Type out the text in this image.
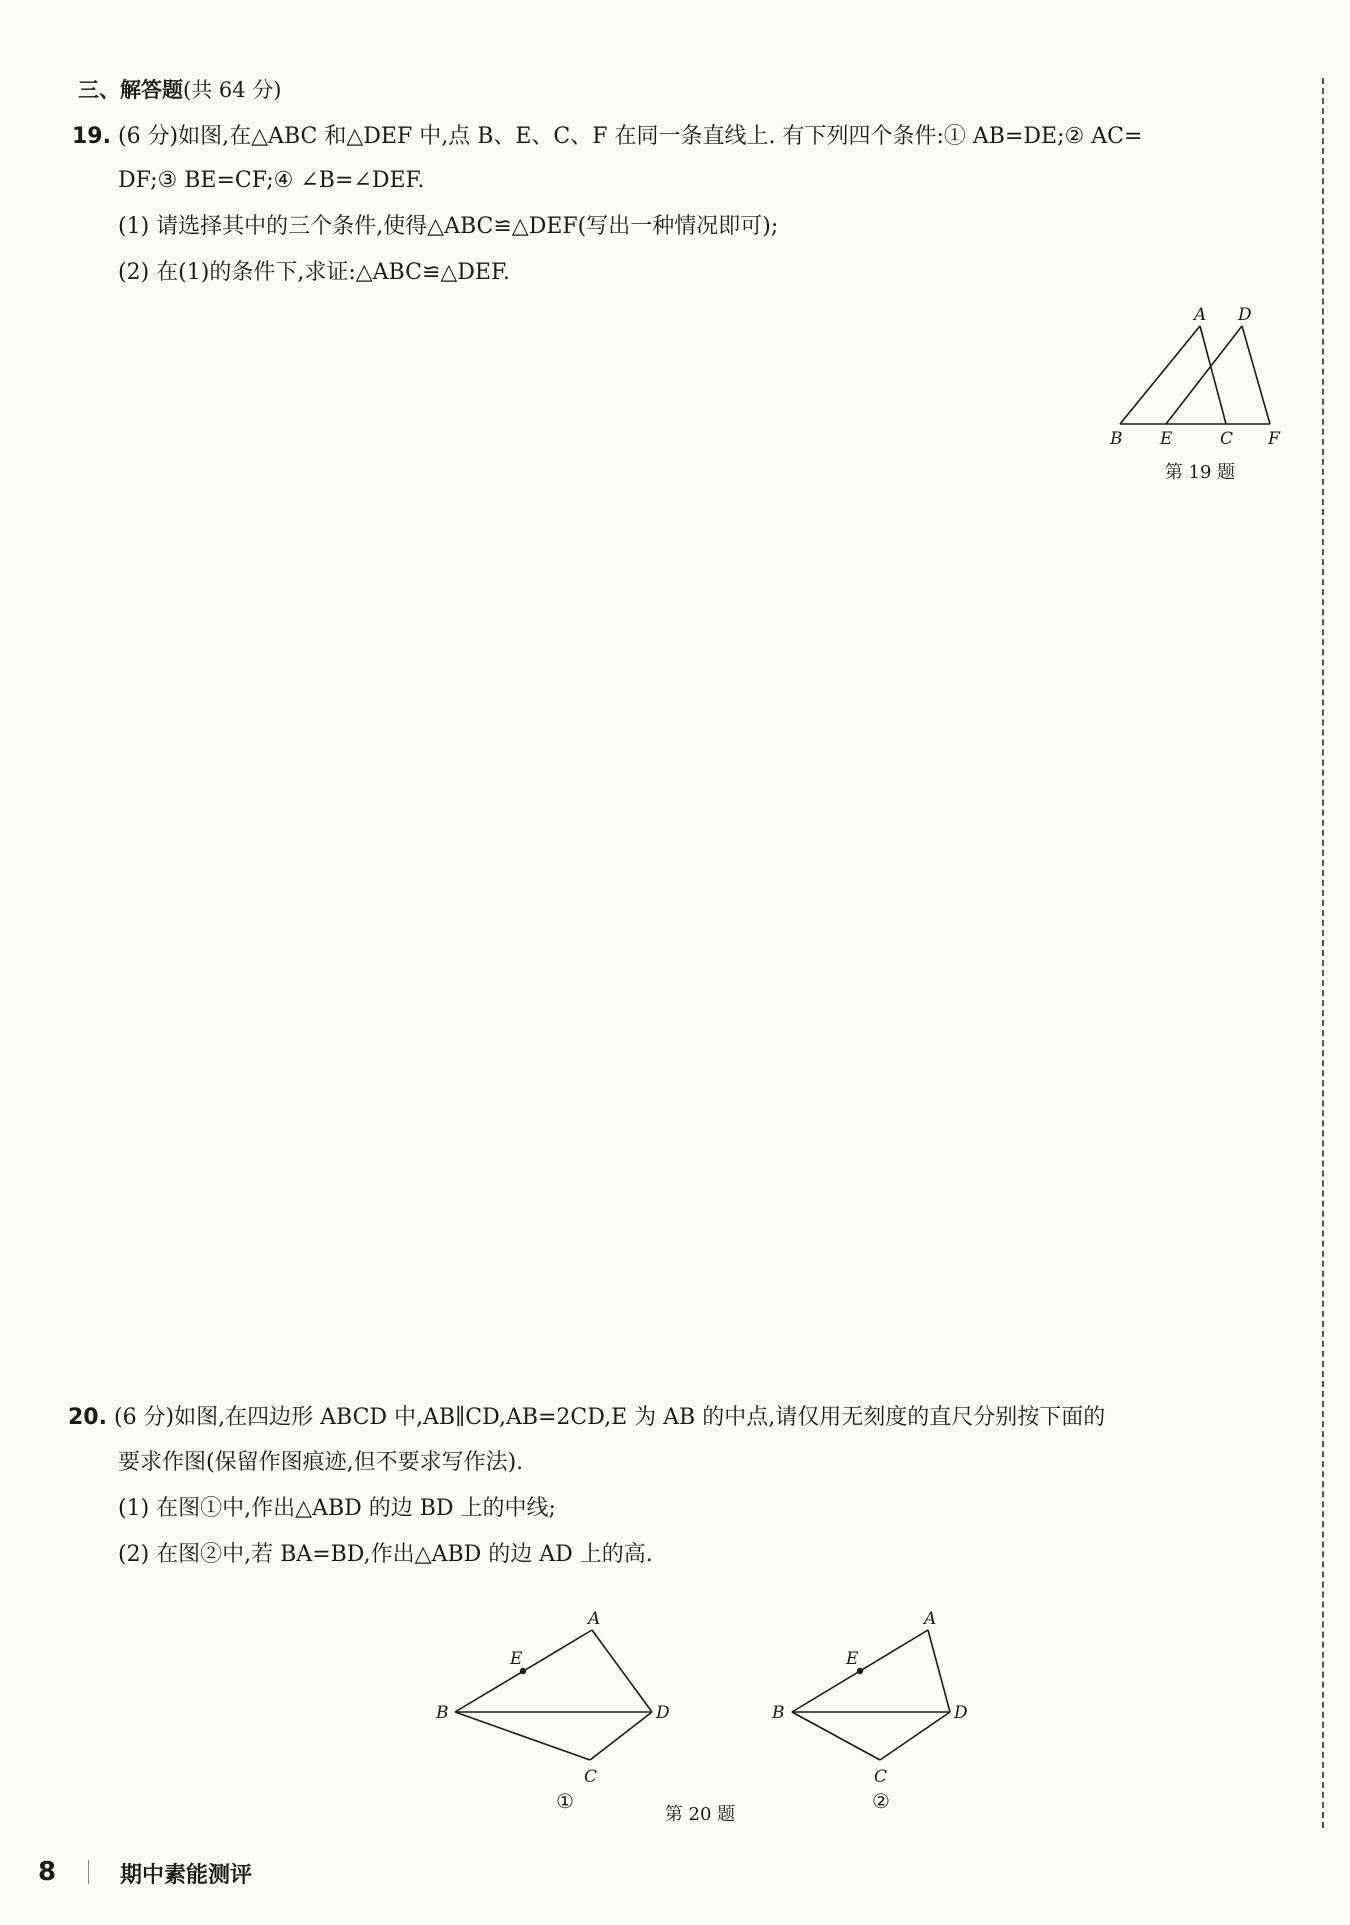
三、解答题(共 64 分)
19. (6 分)如图,在△ABC 和△DEF 中,点 B、E、C、F 在同一条直线上. 有下列四个条件:① AB=DE;② AC=
DF;③ BE=CF;④ ∠B=∠DEF.
(1) 请选择其中的三个条件,使得△ABC≌△DEF(写出一种情况即可);
(2) 在(1)的条件下,求证:△ABC≌△DEF.
A D
B E	C F
第 19 题
20. (6 分)如图,在四边形 ABCD 中,AB∥CD,AB=2CD,E 为 AB 的中点,请仅用无刻度的直尺分别按下面的
要求作图(保留作图痕迹,但不要求写作法).
(1) 在图①中,作出△ABD 的边 BD 上的中线;
(2) 在图②中,若 BA=BD,作出△ABD 的边 AD 上的高.
A
E
B	D
C
①
A
E
B	D
C
②
第 20 题
8	期中素能测评
